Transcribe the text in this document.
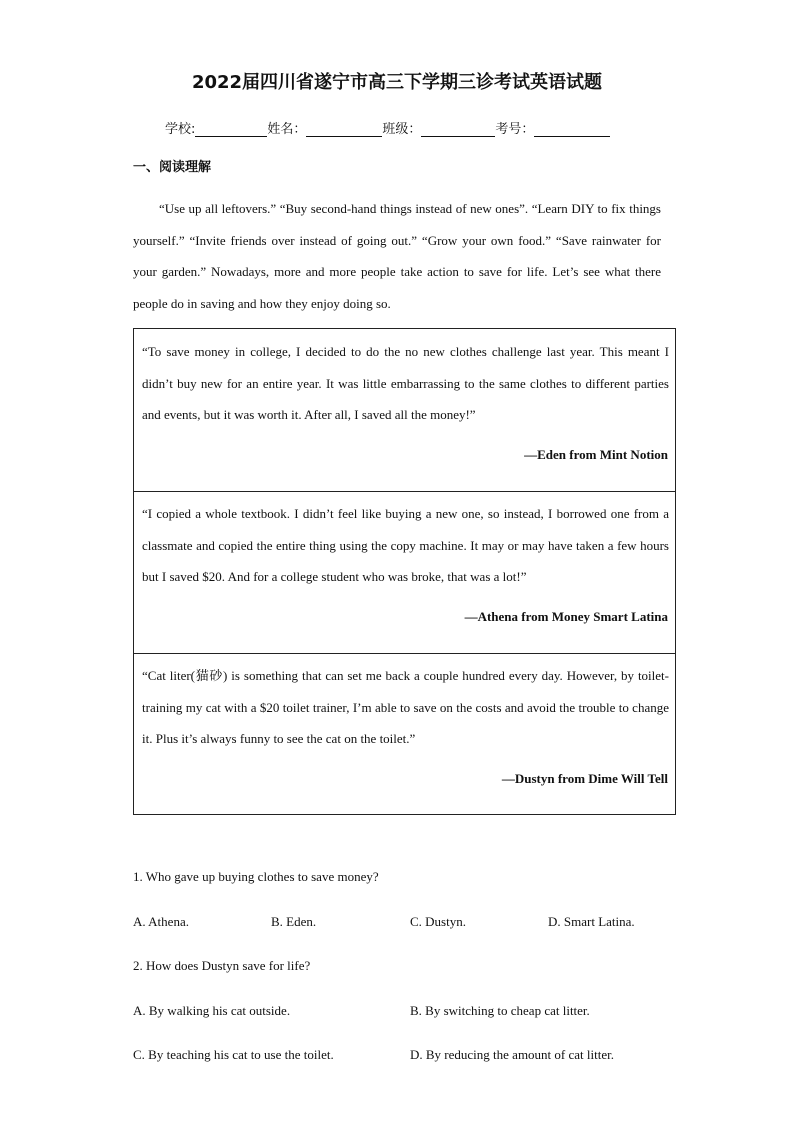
2022届四川省遂宁市高三下学期三诊考试英语试题
学校:	姓名：	班级：	考号：
一、阅读理解

“Use up all leftovers.” “Buy second-hand things instead of new ones”. “Learn DIY to fix things yourself.” “Invite friends over instead of going out.” “Grow your own food.” “Save rainwater for your garden.” Nowadays, more and more people take action to save for life. Let’s see what there people do in saving and how they enjoy doing so.

“To save money in college, I decided to do the no new clothes challenge last year. This meant I didn’t buy new for an entire year. It was little embarrassing to the same clothes to different parties and events, but it was worth it. After all, I saved all the money!”

—Eden from Mint Notion

“I copied a whole textbook. I didn’t feel like buying a new one, so instead, I borrowed one from a classmate and copied the entire thing using the copy machine. It may or may have taken a few hours but I saved $20. And for a college student who was broke, that was a lot!”

—Athena from Money Smart Latina

“Cat liter(猫砂) is something that can set me back a couple hundred every day. However, by toilet-training my cat with a $20 toilet trainer, I’m able to save on the costs and avoid the trouble to change it. Plus it’s always funny to see the cat on the toilet.”

—Dustyn from Dime Will Tell
1. Who gave up buying clothes to save money?
A. Athena.	B. Eden.	C. Dustyn.	D. Smart Latina.
2. How does Dustyn save for life?
A. By walking his cat outside.	B. By switching to cheap cat litter.
C. By teaching his cat to use the toilet.	D. By reducing the amount of cat litter.
